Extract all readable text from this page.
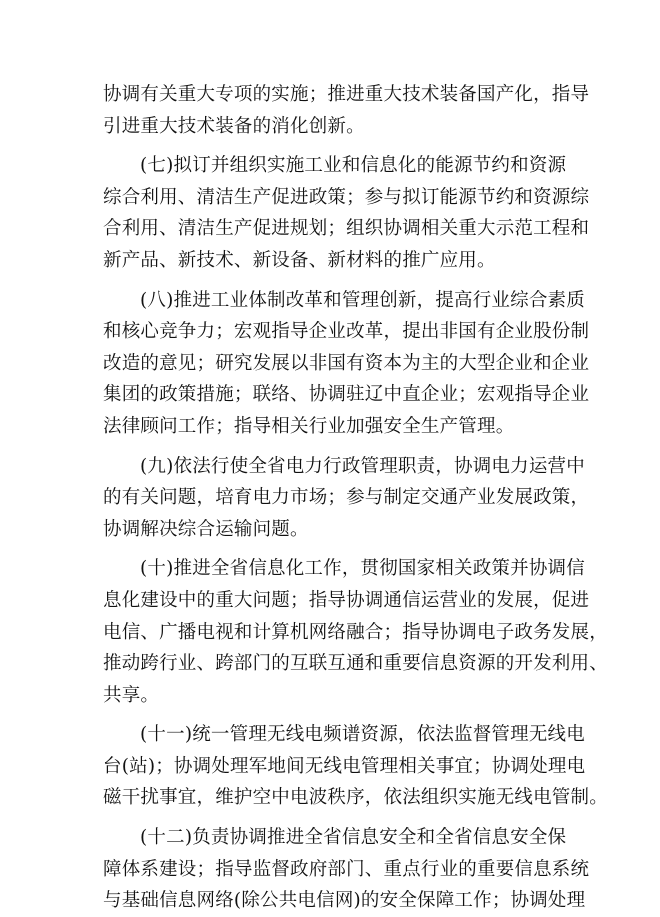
协调有关重大专项的实施；推进重大技术装备国产化，指导
引进重大技术装备的消化创新。
(七)拟订并组织实施工业和信息化的能源节约和资源
综合利用、清洁生产促进政策；参与拟订能源节约和资源综
合利用、清洁生产促进规划；组织协调相关重大示范工程和
新产品、新技术、新设备、新材料的推广应用。
(八)推进工业体制改革和管理创新，提高行业综合素质
和核心竞争力；宏观指导企业改革，提出非国有企业股份制
改造的意见；研究发展以非国有资本为主的大型企业和企业
集团的政策措施；联络、协调驻辽中直企业；宏观指导企业
法律顾问工作；指导相关行业加强安全生产管理。
(九)依法行使全省电力行政管理职责，协调电力运营中
的有关问题，培育电力市场；参与制定交通产业发展政策，
协调解决综合运输问题。
(十)推进全省信息化工作，贯彻国家相关政策并协调信
息化建设中的重大问题；指导协调通信运营业的发展，促进
电信、广播电视和计算机网络融合；指导协调电子政务发展，
推动跨行业、跨部门的互联互通和重要信息资源的开发利用、
共享。
(十一)统一管理无线电频谱资源，依法监督管理无线电
台(站)；协调处理军地间无线电管理相关事宜；协调处理电
磁干扰事宜，维护空中电波秩序，依法组织实施无线电管制。
(十二)负责协调推进全省信息安全和全省信息安全保
障体系建设；指导监督政府部门、重点行业的重要信息系统
与基础信息网络(除公共电信网)的安全保障工作；协调处理
